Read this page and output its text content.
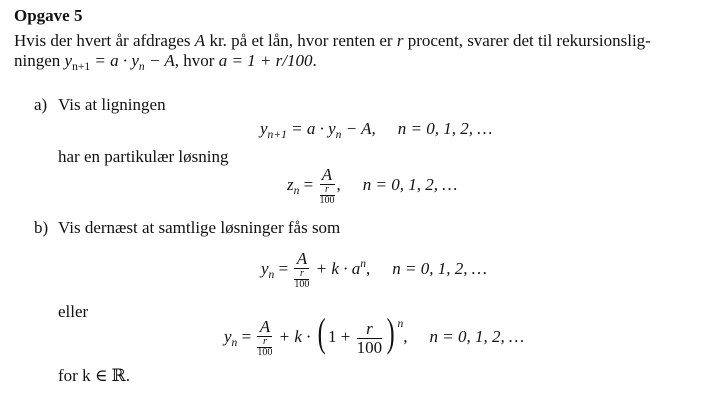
Opgave 5
Hvis der hvert år afdrages A kr. på et lån, hvor renten er r procent, svarer det til rekursionslig-
ningen $y_{n+1} = a \cdot y_n - A$, hvor a = 1 + r/100.
a) Vis at ligningen
$y_{n+1} = a \cdot y_n - A$, n = 0, 1, 2, …
har en partikulær løsning
$z_n = \frac{A}{\frac{r}{100}}$ , n = 0, 1, 2, …
b) Vis dernæst at samtlige løsninger fås som
$y_n = \frac{A}{\frac{r}{100}} + k \cdot a^n$, n = 0, 1, 2, …
eller
$y_n = \frac{A}{\frac{r}{100}} + k$ · ( $1 + \frac{r}{100}$ ) $^n$, n = 0, 1, 2, …
for k ∈ ℝ.
